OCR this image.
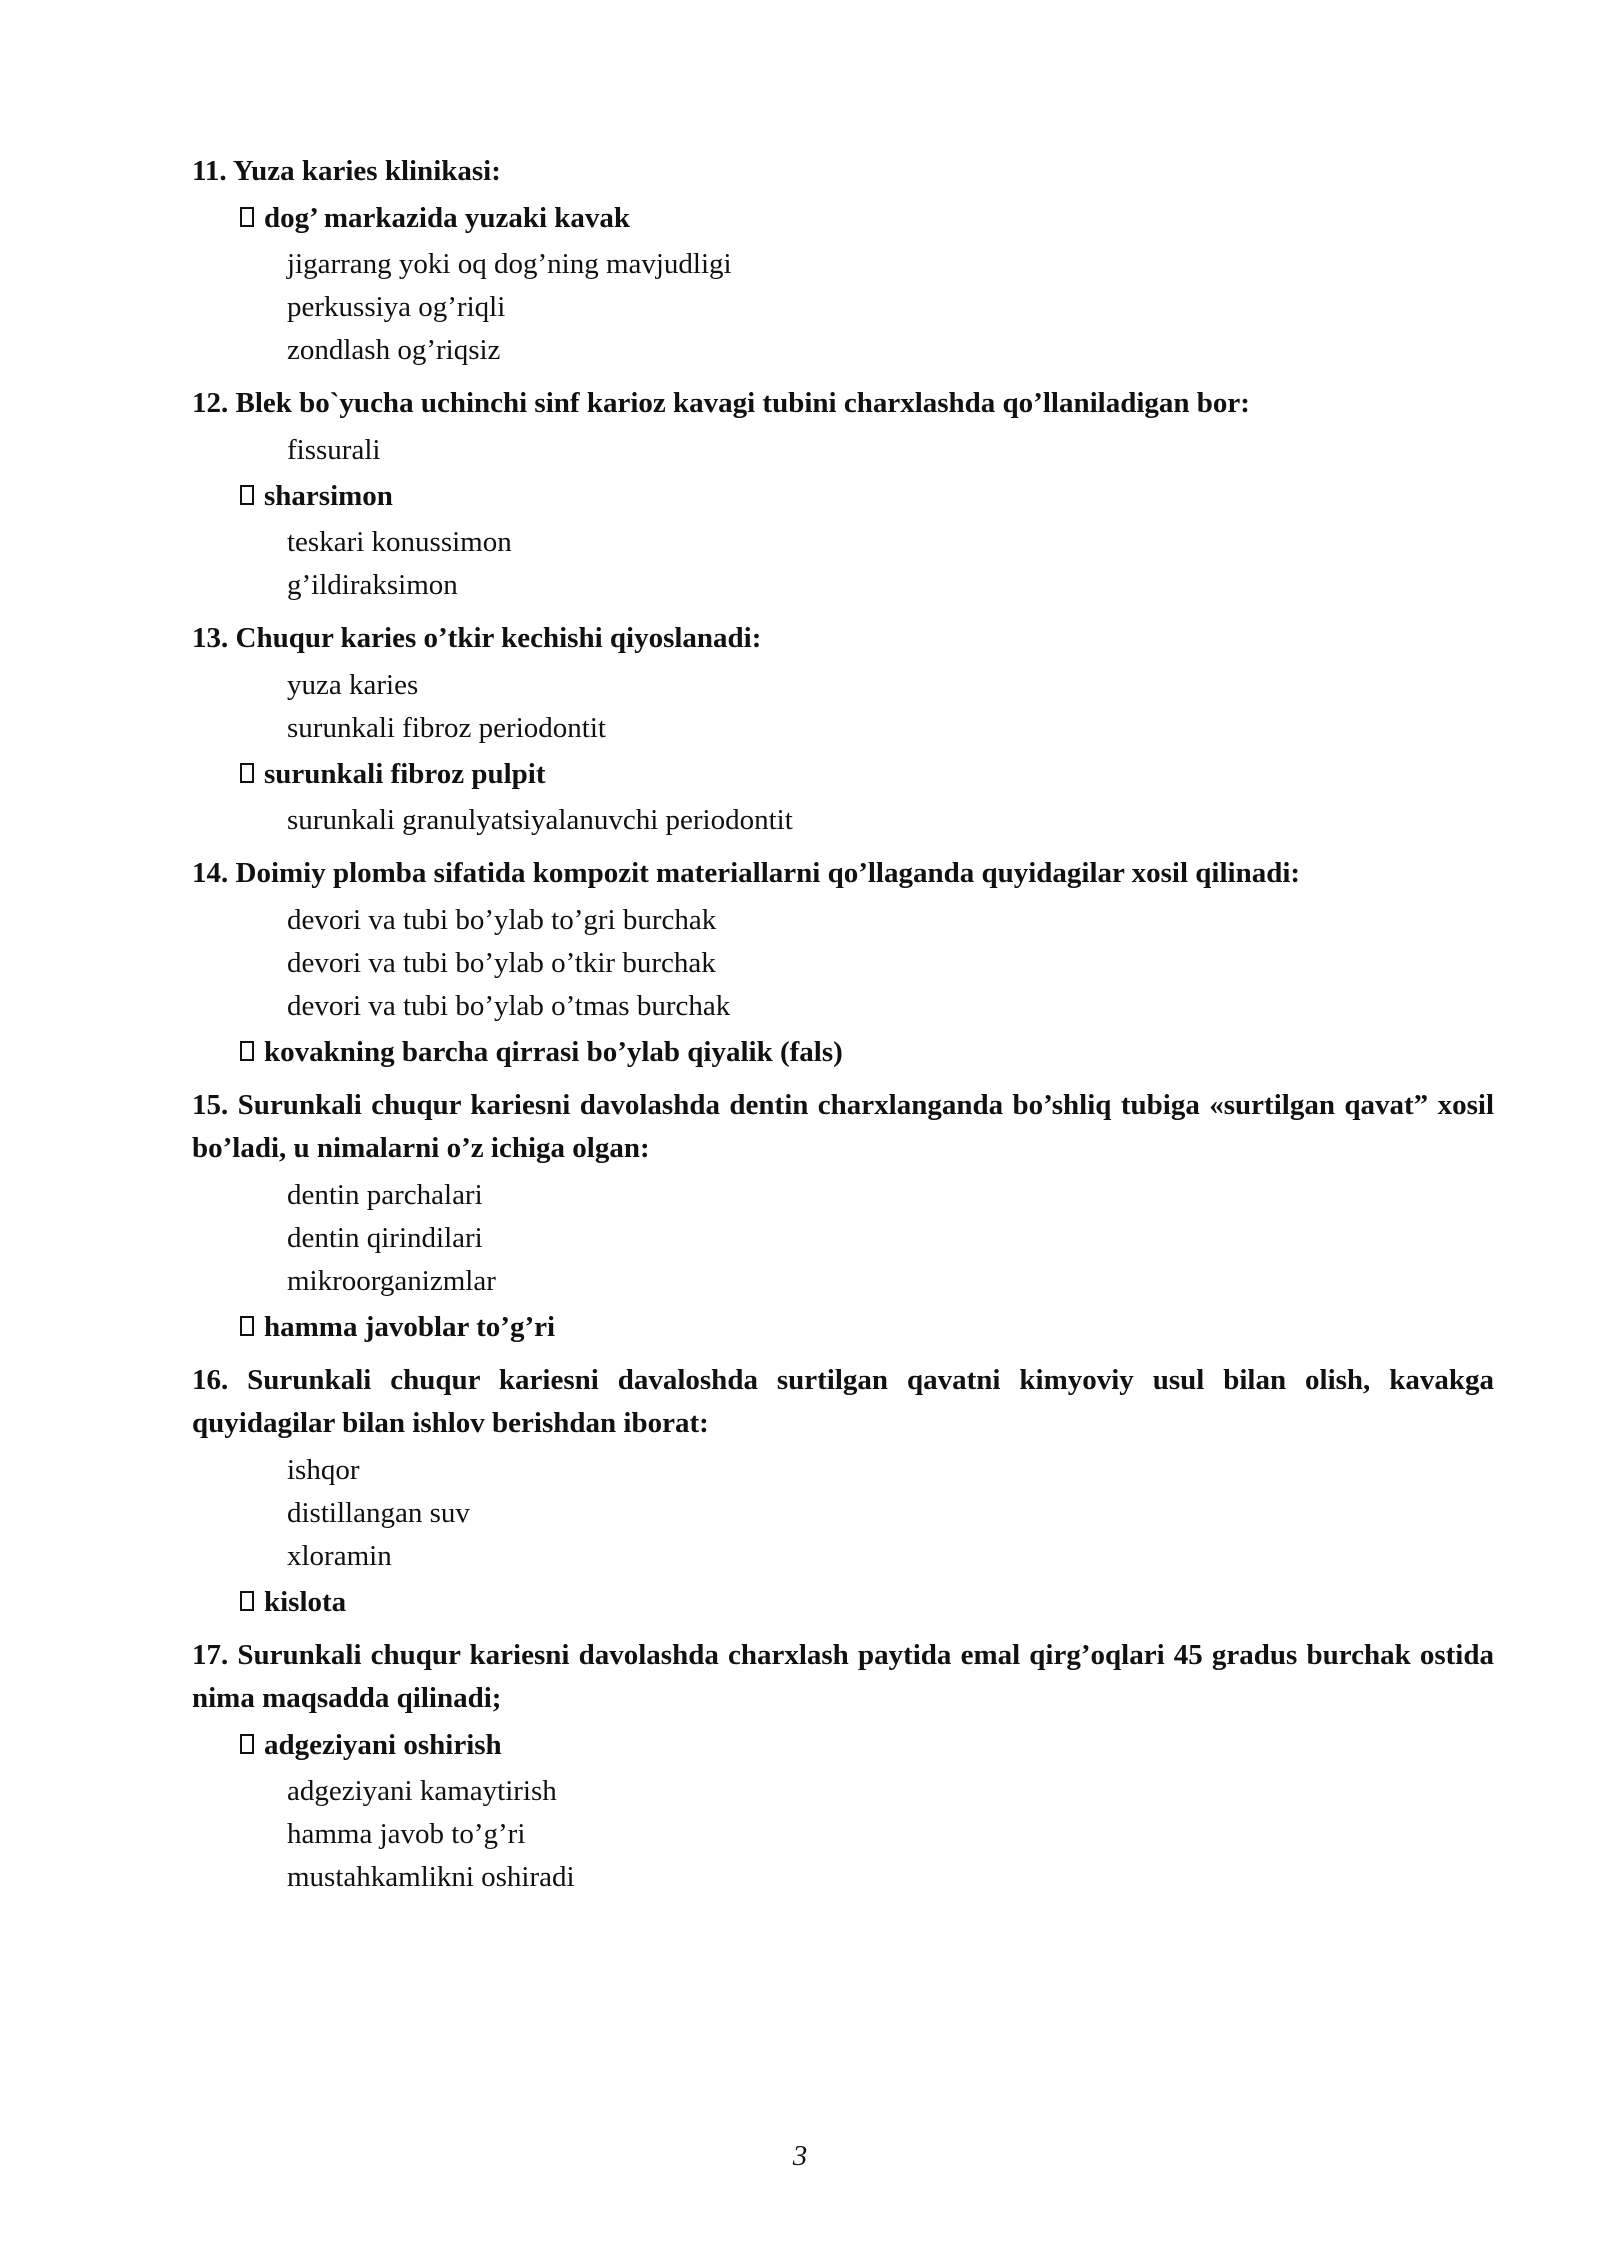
11. Yuza karies klinikasi:
dog’ markazida yuzaki kavak
jigarrang yoki oq dog’ning mavjudligi
perkussiya og’riqli
zondlash og’riqsiz
12. Blek bo`yucha uchinchi sinf karioz kavagi tubini charxlashda qo’llaniladigan bor:
fissurali
sharsimon
teskari konussimon
g’ildiraksimon
13. Chuqur karies o’tkir kechishi qiyoslanadi:
yuza karies
surunkali fibroz periodontit
surunkali fibroz pulpit
surunkali granulyatsiyalanuvchi periodontit
14. Doimiy plomba sifatida kompozit materiallarni qo’llaganda quyidagilar xosil qilinadi:
devori va tubi bo’ylab to’gri burchak
devori va tubi bo’ylab o’tkir burchak
devori va tubi bo’ylab o’tmas burchak
kovakning barcha qirrasi bo’ylab qiyalik (fals)
15. Surunkali chuqur kariesni davolashda dentin charxlanganda bo’shliq tubiga «surtilgan qavat” xosil bo’ladi, u nimalarni o’z ichiga olgan:
dentin parchalari
dentin qirindilari
mikroorganizmlar
hamma javoblar to’g’ri
16. Surunkali chuqur kariesni davaloshda surtilgan qavatni kimyoviy usul bilan olish, kavakga quyidagilar bilan ishlov berishdan iborat:
ishqor
distillangan suv
xloramin
kislota
17. Surunkali chuqur kariesni davolashda charxlash paytida emal qirg’oqlari 45 gradus burchak ostida nima maqsadda qilinadi;
adgeziyani oshirish
adgeziyani kamaytirish
hamma javob to’g’ri
mustahkamlikni oshiradi
3
